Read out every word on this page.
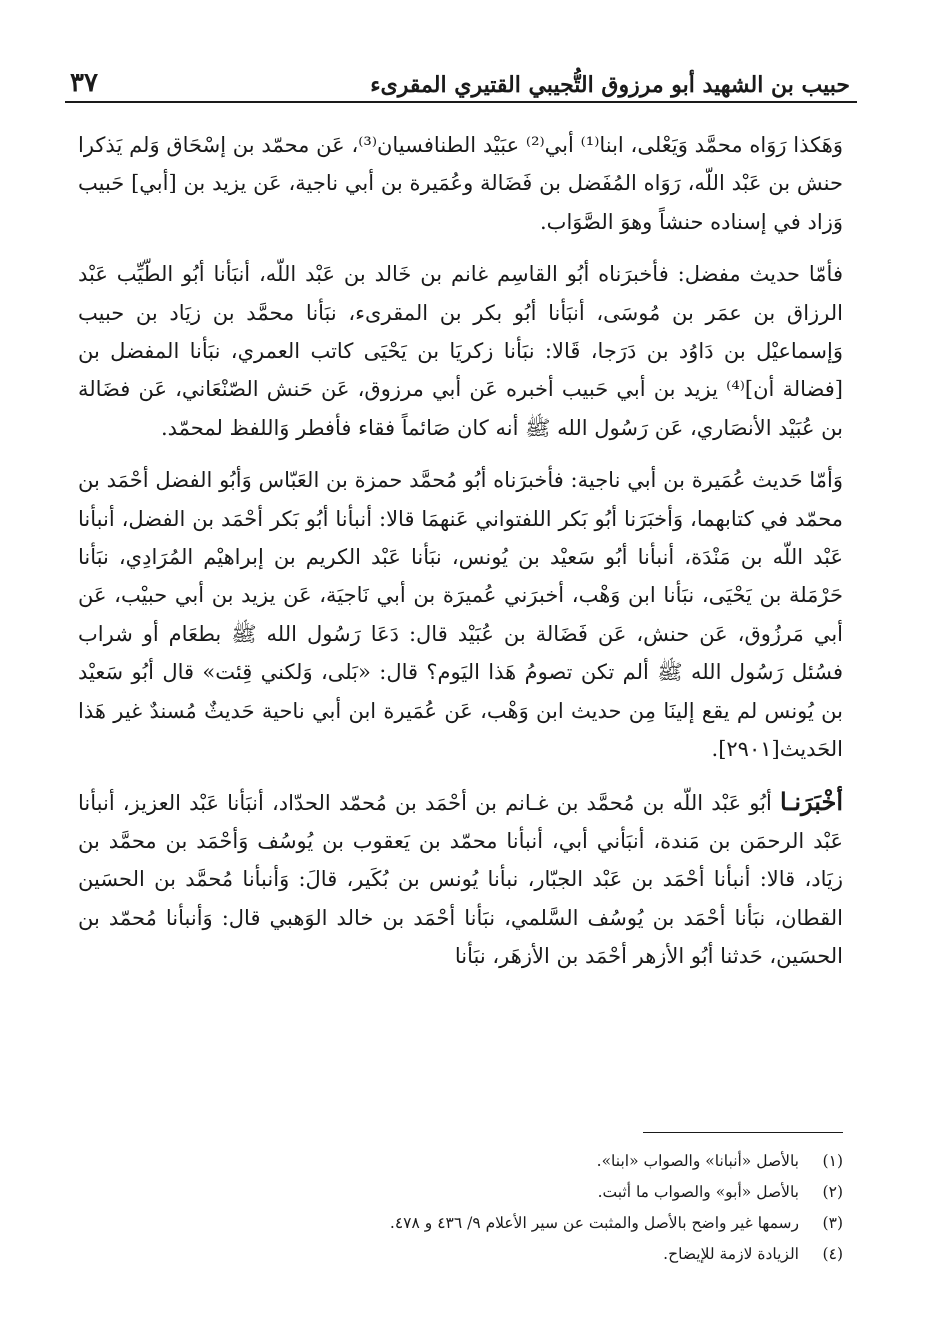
حبيب بن الشهيد أبو مرزوق التُّجيبي القتيري المقرىء
٣٧

وَهَكذا رَوَاه محمَّد وَيَعْلى، ابنا⁽¹⁾ أبي⁽²⁾ عبَيْد الطنافسيان⁽³⁾، عَن محمّد بن إسْحَاق وَلم يَذكرا حنش بن عَبْد اللّه، رَوَاه المُفَضل بن فَضَالة وعُمَيرة بن أبي ناجية، عَن يزيد بن [أبي] حَبيب وَزاد في إسناده حنشاً وهوَ الصَّوَاب.

فأمّا حديث مفضل: فأخبرَناه أبُو القاسِم غانم بن خَالد بن عَبْد اللّه، أنبَأنا أبُو الطّيِّب عَبْد الرزاق بن عمَر بن مُوسَى، أنبَأنا أبُو بكر بن المقرىء، نبَأنا محمَّد بن زيَاد بن حبيب وَإسماعيْل بن دَاوُد بن دَرَجا، قَالا: نبَأنا زكريَا بن يَحْيَى كاتب العمري، نبَأنا المفضل بن [فضالة أن]⁽⁴⁾ يزيد بن أبي حَبيب أخبره عَن أبي مرزوق، عَن حَنش الصّنْعَاني، عَن فضَالة بن عُبَيْد الأنصَاري، عَن رَسُول الله ﷺ أنه كان صَائماً فقاء فأفطر وَاللفظ لمحمّد.

وَأمّا حَديث عُمَيرة بن أبي ناجية: فأخبرَناه أبُو مُحمَّد حمزة بن العَبّاس وَأبُو الفضل أحْمَد بن محمّد في كتابهما، وَأخبَرَنا أبُو بَكر اللفتواني عَنهمَا قالا: أنبأنا أبُو بَكر أحْمَد بن الفضل، أنبأنا عَبْد اللّه بن مَنْدَة، أنبأنا أبُو سَعيْد بن يُونس، نبَأنا عَبْد الكريم بن إبراهيْم المُرَادِي، نبَأنا حَرْمَلة بن يَحْيَى، نبَأنا ابن وَهْب، أخبرَني عُميرَة بن أبي نَاجيَة، عَن يزيد بن أبي حبيْب، عَن أبي مَرزُوق، عَن حنش، عَن فَضَالة بن عُبَيْد قال: دَعَا رَسُول الله ﷺ بطعَام أو شراب فسُئل رَسُول الله ﷺ ألم تكن تصومُ هَذا اليَوم؟ قال: «بَلى، وَلكني قِئت» قال أبُو سَعيْد بن يُونس لم يقع إلينَا مِن حديث ابن وَهْب، عَن عُمَيرة ابن أبي ناحية حَديثٌ مُسندٌ غير هَذا الحَديث[٢٩٠١].

أخْبَرَنـا أبُو عَبْد اللّه بن مُحمَّد بن غـانم بن أحْمَد بن مُحمّد الحدّاد، أنبَأنا عَبْد العزيز، أنبأنا عَبْد الرحمَن بن مَندة، أنبَأني أبي، أنبأنا محمّد بن يَعقوب بن يُوسُف وَأحْمَد بن محمَّد بن زيَاد، قالا: أنبأنا أحْمَد بن عَبْد الجبّار، نبأنا يُونس بن بُكَير، قالَ: وَأنبأنا مُحمَّد بن الحسَين القطان، نبَأنا أحْمَد بن يُوسُف السَّلمي، نبَأنا أحْمَد بن خالد الوَهبي قال: وَأنبأنا مُحمّد بن الحسَين، حَدثنا أبُو الأزهر أحْمَد بن الأزهَر، نبَأنا

(١)
بالأصل «أنبانا» والصواب «ابنا».
(٢)
بالأصل «أبو» والصواب ما أثبت.
(٣)
رسمها غير واضح بالأصل والمثبت عن سير الأعلام ٩/ ٤٣٦ و ٤٧٨.
(٤)
الزيادة لازمة للإيضاح.
